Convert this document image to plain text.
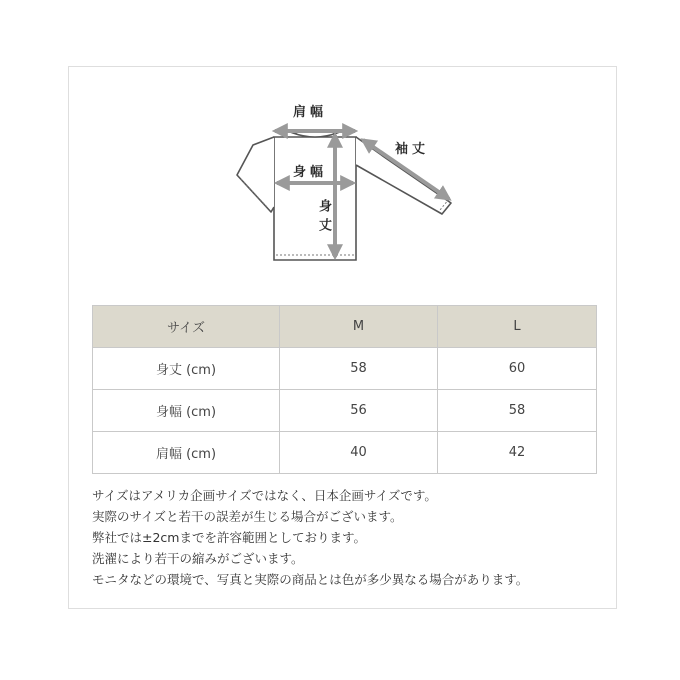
肩幅
袖丈
身幅
身丈
サイズ	M	L
身丈 (cm)	58	60
身幅 (cm)	56	58
肩幅 (cm)	40	42

サイズはアメリカ企画サイズではなく、日本企画サイズです。

実際のサイズと若干の誤差が生じる場合がございます。

弊社では±2cmまでを許容範囲としております。

洗濯により若干の縮みがございます。

モニタなどの環境で、写真と実際の商品とは色が多少異なる場合があります。
